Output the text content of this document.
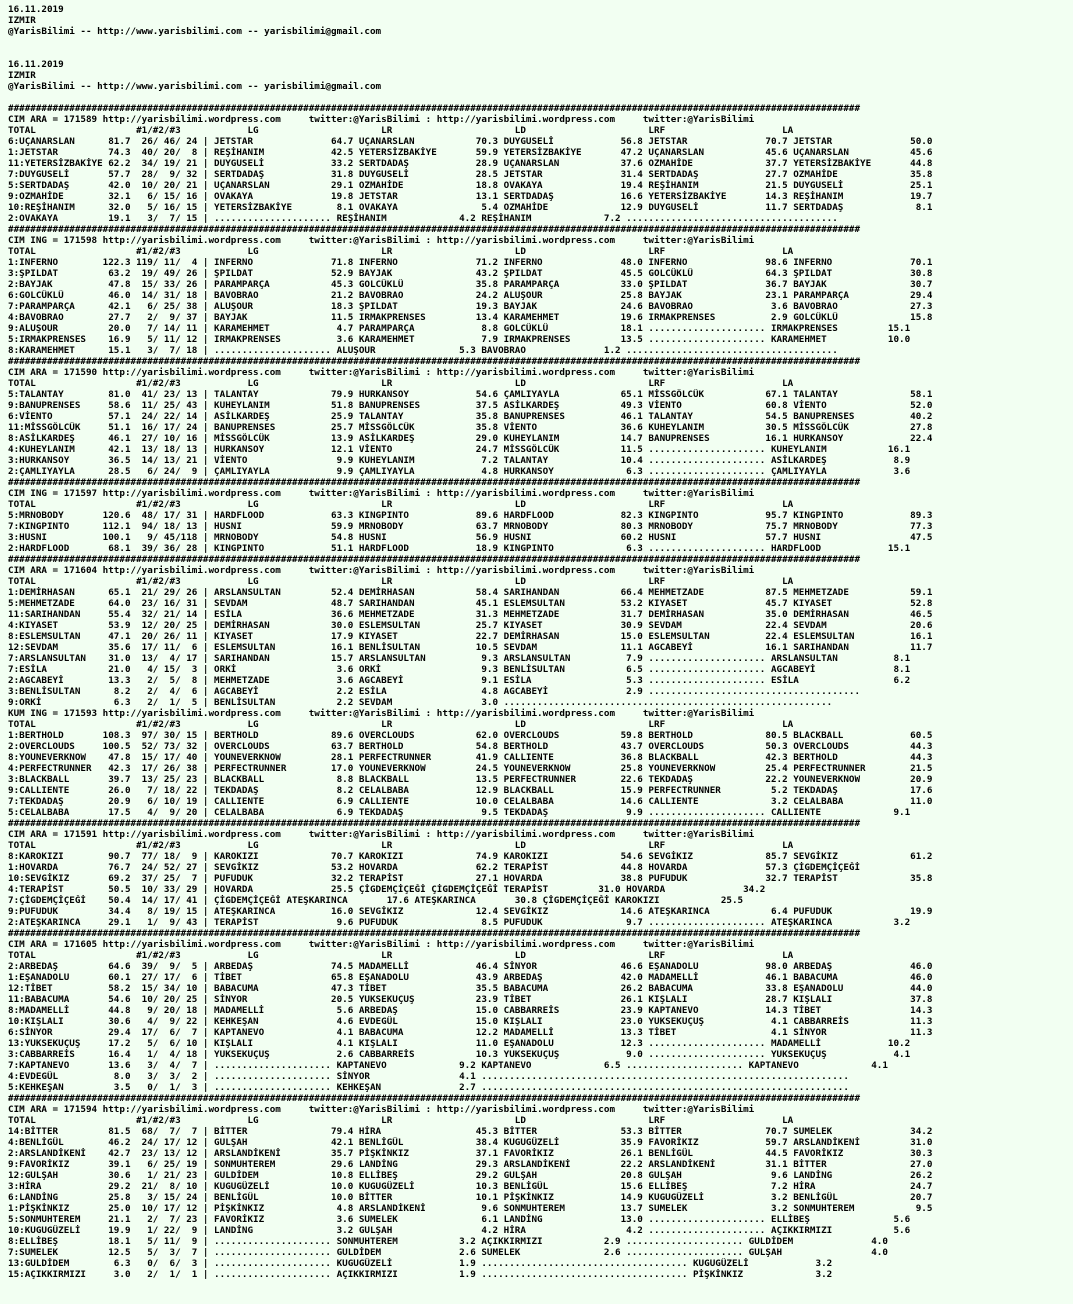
16.11.2019
IZMIR
@YarisBilimi -- http://www.yarisbilimi.com -- yarisbilimi@gmail.com

16.11.2019
IZMIR
@YarisBilimi -- http://www.yarisbilimi.com -- yarisbilimi@gmail.com

#########################################################################################################################################################
CIM ARA = 171589 http://yarisbilimi.wordpress.com     twitter:@YarisBilimi : http://yarisbilimi.wordpress.com     twitter:@YarisBilimi
TOTAL                  #1/#2/#3            LG                      LR                      LD                      LRF                     LA
6:UÇANARSLAN      81.7  26/ 46/ 24 | JETSTAR              64.7 UÇANARSLAN           70.3 DUYGUSELİ            56.8 JETSTAR              70.7 JETSTAR              50.0
1:JETSTAR         74.3  40/ 20/  8 | REŞİHANIM            42.5 YETERSİZBAKİYE       59.9 YETERSİZBAKİYE       47.2 UÇANARSLAN           45.6 UÇANARSLAN           45.6
11:YETERSİZBAKİYE 62.2  34/ 19/ 21 | DUYGUSELİ            33.2 SERTDADAŞ            28.9 UÇANARSLAN           37.6 OZMAHİDE             37.7 YETERSİZBAKİYE       44.8
7:DUYGUSELİ       57.7  28/  9/ 32 | SERTDADAŞ            31.8 DUYGUSELİ            28.5 JETSTAR              31.4 SERTDADAŞ            27.7 OZMAHİDE             35.8
5:SERTDADAŞ       42.0  10/ 20/ 21 | UÇANARSLAN           29.1 OZMAHİDE             18.8 OVAKAYA              19.4 REŞİHANIM            21.5 DUYGUSELİ            25.1
9:OZMAHİDE        32.1   6/ 15/ 16 | OVAKAYA              19.8 JETSTAR              13.1 SERTDADAŞ            16.6 YETERSİZBAKİYE       14.3 REŞİHANIM            19.7
10:REŞİHANIM      32.0   5/ 16/ 15 | YETERSİZBAKİYE        8.1 OVAKAYA               5.4 OZMAHİDE             12.9 DUYGUSELİ            11.7 SERTDADAŞ             8.1
2:OVAKAYA         19.1   3/  7/ 15 | ..................... REŞİHANIM             4.2 REŞİHANIM             7.2 ......................................
#########################################################################################################################################################
CIM ING = 171598 http://yarisbilimi.wordpress.com     twitter:@YarisBilimi : http://yarisbilimi.wordpress.com     twitter:@YarisBilimi
TOTAL                  #1/#2/#3            LG                      LR                      LD                      LRF                     LA
1:INFERNO        122.3 119/ 11/  4 | INFERNO              71.8 INFERNO              71.2 INFERNO              48.0 INFERNO              98.6 INFERNO              70.1
3:ŞPILDAT         63.2  19/ 49/ 26 | ŞPILDAT              52.9 BAYJAK               43.2 ŞPILDAT              45.5 GOLCÜKLÜ             64.3 ŞPILDAT              30.8
2:BAYJAK          47.8  15/ 33/ 26 | PARAMPARÇA           45.3 GOLCÜKLÜ             35.8 PARAMPARÇA           33.0 ŞPILDAT              36.7 BAYJAK               30.7
6:GOLCÜKLÜ        46.0  14/ 31/ 18 | BAVOBRAO             21.2 BAVOBRAO             24.2 ALUŞOUR              25.8 BAYJAK               23.1 PARAMPARÇA           29.4
7:PARAMPARÇA      42.1   6/ 25/ 38 | ALUŞOUR              18.3 ŞPILDAT              19.3 BAYJAK               24.6 BAVOBRAO              3.6 BAVOBRAO             27.3
4:BAVOBRAO        27.7   2/  9/ 37 | BAYJAK               11.5 IRMAKPRENSES         13.4 KARAMEHMET           19.6 IRMAKPRENSES          2.9 GOLCÜKLÜ             15.8
9:ALUŞOUR         20.0   7/ 14/ 11 | KARAMEHMET            4.7 PARAMPARÇA            8.8 GOLCÜKLÜ             18.1 ..................... IRMAKPRENSES         15.1
5:IRMAKPRENSES    16.9   5/ 11/ 12 | IRMAKPRENSES          3.6 KARAMEHMET            7.9 IRMAKPRENSES         13.5 ..................... KARAMEHMET           10.0
8:KARAMEHMET      15.1   3/  7/ 18 | ..................... ALUŞOUR               5.3 BAVOBRAO              1.2 ......................................
#########################################################################################################################################################
CIM ARA = 171590 http://yarisbilimi.wordpress.com     twitter:@YarisBilimi : http://yarisbilimi.wordpress.com     twitter:@YarisBilimi
TOTAL                  #1/#2/#3            LG                      LR                      LD                      LRF                     LA
5:TALANTAY        81.0  41/ 23/ 13 | TALANTAY             79.9 HURKANSOY            54.6 ÇAMLIYAYLA           65.1 MİSSGÖLCÜK           67.1 TALANTAY             58.1
9:BANUPRENSES     58.6  11/ 25/ 43 | KUHEYLANIM           51.8 BANUPRENSES          37.5 ASİLKARDEŞ           49.3 VİENTO               60.8 VİENTO               52.0
6:VİENTO          57.1  24/ 22/ 14 | ASİLKARDEŞ           25.9 TALANTAY             35.8 BANUPRENSES          46.1 TALANTAY             54.5 BANUPRENSES          40.2
11:MİSSGÖLCÜK     51.1  16/ 17/ 24 | BANUPRENSES          25.7 MİSSGÖLCÜK           35.8 VİENTO               36.6 KUHEYLANIM           30.5 MİSSGÖLCÜK           27.8
8:ASİLKARDEŞ      46.1  27/ 10/ 16 | MİSSGÖLCÜK           13.9 ASİLKARDEŞ           29.0 KUHEYLANIM           14.7 BANUPRENSES          16.1 HURKANSOY            22.4
4:KUHEYLANIM      42.1  13/ 18/ 13 | HURKANSOY            12.1 VİENTO               24.7 MİSSGÖLCÜK           11.5 ..................... KUHEYLANIM           16.1
3:HURKANSOY       36.5  14/ 13/ 21 | VİENTO                9.9 KUHEYLANIM            7.2 TALANTAY             10.4 ..................... ASİLKARDEŞ            8.9
2:ÇAMLIYAYLA      28.5   6/ 24/  9 | ÇAMLIYAYLA            9.9 ÇAMLIYAYLA            4.8 HURKANSOY             6.3 ..................... ÇAMLIYAYLA            3.6
#########################################################################################################################################################
CIM ING = 171597 http://yarisbilimi.wordpress.com     twitter:@YarisBilimi : http://yarisbilimi.wordpress.com     twitter:@YarisBilimi
TOTAL                  #1/#2/#3            LG                      LR                      LD                      LRF                     LA
5:MRNOBODY       120.6  48/ 17/ 31 | HARDFLOOD            63.3 KINGPINTO            89.6 HARDFLOOD            82.3 KINGPINTO            95.7 KINGPINTO            89.3
7:KINGPINTO      112.1  94/ 18/ 13 | HUSNI                59.9 MRNOBODY             63.7 MRNOBODY             80.3 MRNOBODY             75.7 MRNOBODY             77.3
3:HUSNI          100.1   9/ 45/118 | MRNOBODY             54.8 HUSNI                56.9 HUSNI                60.2 HUSNI                57.7 HUSNI                47.5
2:HARDFLOOD       68.1  39/ 36/ 28 | KINGPINTO            51.1 HARDFLOOD            18.9 KINGPINTO             6.3 ..................... HARDFLOOD            15.1
#########################################################################################################################################################
CIM ARA = 171604 http://yarisbilimi.wordpress.com     twitter:@YarisBilimi : http://yarisbilimi.wordpress.com     twitter:@YarisBilimi
TOTAL                  #1/#2/#3            LG                      LR                      LD                      LRF                     LA
1:DEMİRHASAN      65.1  21/ 29/ 26 | ARSLANSULTAN         52.4 DEMİRHASAN           58.4 SARIHANDAN           66.4 MEHMETZADE           87.5 MEHMETZADE           59.1
5:MEHMETZADE      64.0  23/ 16/ 31 | SEVDAM               48.7 SARIHANDAN           45.1 ESLEMSULTAN          53.2 KIYASET              45.7 KIYASET              52.8
11:SARIHANDAN     55.4  32/ 21/ 14 | ESİLA                36.6 MEHMETZADE           31.3 MEHMETZADE           31.7 DEMİRHASAN           35.0 DEMİRHASAN           46.5
4:KIYASET         53.9  12/ 20/ 25 | DEMİRHASAN           30.0 ESLEMSULTAN          25.7 KIYASET              30.9 SEVDAM               22.4 SEVDAM               20.6
8:ESLEMSULTAN     47.1  20/ 26/ 11 | KIYASET              17.9 KIYASET              22.7 DEMİRHASAN           15.0 ESLEMSULTAN          22.4 ESLEMSULTAN          16.1
12:SEVDAM         35.6  17/ 11/  6 | ESLEMSULTAN          16.1 BENLİSULTAN          10.5 SEVDAM               11.1 AGCABEYİ             16.1 SARIHANDAN           11.7
7:ARSLANSULTAN    31.0  13/  4/ 17 | SARIHANDAN           15.7 ARSLANSULTAN          9.3 ARSLANSULTAN          7.9 ..................... ARSLANSULTAN          8.1
7:ESİLA           21.0   4/ 15/  3 | ORKİ                  3.6 ORKİ                  9.3 BENLİSULTAN           6.5 ..................... AGCABEYİ              8.1
2:AGCABEYİ        13.3   2/  5/  8 | MEHMETZADE            3.6 AGCABEYİ              9.1 ESİLA                 5.3 ..................... ESİLA                 6.2
3:BENLİSULTAN      8.2   2/  4/  6 | AGCABEYİ              2.2 ESİLA                 4.8 AGCABEYİ              2.9 ......................................
9:ORKİ             6.3   2/  1/  5 | BENLİSULTAN           2.2 SEVDAM                3.0 ...........................................................
KUM ING = 171593 http://yarisbilimi.wordpress.com     twitter:@YarisBilimi : http://yarisbilimi.wordpress.com     twitter:@YarisBilimi
TOTAL                  #1/#2/#3            LG                      LR                      LD                      LRF                     LA
1:BERTHOLD       108.3  97/ 30/ 15 | BERTHOLD             89.6 OVERCLOUDS           62.0 OVERCLOUDS           59.8 BERTHOLD             80.5 BLACKBALL            60.5
2:OVERCLOUDS     100.5  52/ 73/ 32 | OVERCLOUDS           63.7 BERTHOLD             54.8 BERTHOLD             43.7 OVERCLOUDS           50.3 OVERCLOUDS           44.3
8:YOUNEVERKNOW    47.8  15/ 17/ 40 | YOUNEVERKNOW         28.1 PERFECTRUNNER        41.9 CALLIENTE            36.8 BLACKBALL            42.3 BERTHOLD             44.3
4:PERFECTRUNNER   42.3  17/ 26/ 38 | PERFECTRUNNER        17.0 YOUNEVERKNOW         24.5 YOUNEVERKNOW         25.8 YOUNEVERKNOW         25.4 PERFECTRUNNER        21.5
3:BLACKBALL       39.7  13/ 25/ 23 | BLACKBALL             8.8 BLACKBALL            13.5 PERFECTRUNNER        22.6 TEKDADAŞ             22.2 YOUNEVERKNOW         20.9
9:CALLIENTE       26.0   7/ 18/ 22 | TEKDADAŞ              8.2 CELALBABA            12.9 BLACKBALL            15.9 PERFECTRUNNER         5.2 TEKDADAŞ             17.6
7:TEKDADAŞ        20.9   6/ 10/ 19 | CALLIENTE             6.9 CALLIENTE            10.0 CELALBABA            14.6 CALLIENTE             3.2 CELALBABA            11.0
5:CELALBABA       17.5   4/  9/ 20 | CELALBABA             6.9 TEKDADAŞ              9.5 TEKDADAŞ              9.9 ..................... CALLIENTE             9.1
#########################################################################################################################################################
CIM ARA = 171591 http://yarisbilimi.wordpress.com     twitter:@YarisBilimi : http://yarisbilimi.wordpress.com     twitter:@YarisBilimi
TOTAL                  #1/#2/#3            LG                      LR                      LD                      LRF                     LA
8:KAROKIZI        90.7  77/ 18/  9 | KAROKIZI             70.7 KAROKIZI             74.9 KAROKIZI             54.6 SEVGİKIZ             85.7 SEVGİKIZ             61.2
1:HOVARDA         76.7  24/ 52/ 27 | SEVGİKIZ             53.2 HOVARDA              62.2 TERAPİST             44.8 HOVARDA              57.3 ÇİGDEMÇİÇEĞİ
10:SEVGİKIZ       69.2  37/ 25/  7 | PUFUDUK              32.2 TERAPİST             27.1 HOVARDA              38.8 PUFUDUK              32.7 TERAPİST             35.8
4:TERAPİST        50.5  10/ 33/ 29 | HOVARDA              25.5 ÇİGDEMÇİÇEĞİ ÇİGDEMÇİÇEĞİ TERAPİST         31.0 HOVARDA              34.2
7:ÇİGDEMÇİÇEĞİ    50.4  14/ 17/ 41 | ÇİGDEMÇİÇEĞİ ATEŞKARINCA       17.6 ATEŞKARINCA       30.8 ÇİGDEMÇİÇEĞİ KAROKIZI           25.5
9:PUFUDUK         34.4   8/ 19/ 15 | ATEŞKARINCA          16.0 SEVGİKIZ             12.4 SEVGİKIZ             14.6 ATEŞKARINCA           6.4 PUFUDUK              19.9
2:ATEŞKARINCA     29.1   1/  9/ 43 | TERAPİST              9.6 PUFUDUK               8.5 PUFUDUK               9.7 ..................... ATEŞKARINCA           3.2
#########################################################################################################################################################
CIM ARA = 171605 http://yarisbilimi.wordpress.com     twitter:@YarisBilimi : http://yarisbilimi.wordpress.com     twitter:@YarisBilimi
TOTAL                  #1/#2/#3            LG                      LR                      LD                      LRF                     LA
2:ARBEDAŞ         64.6  39/  9/  5 | ARBEDAŞ              74.5 MADAMELLİ            46.4 SİNYOR               46.6 EŞANADOLU            98.0 ARBEDAŞ              46.0
1:EŞANADOLU       60.1  27/ 17/  6 | TİBET                65.8 EŞANADOLU            43.9 ARBEDAŞ              42.0 MADAMELLİ            46.1 BABACUMA             46.0
12:TİBET          58.2  15/ 34/ 10 | BABACUMA             47.3 TİBET                35.5 BABACUMA             26.2 BABACUMA             33.8 EŞANADOLU            44.0
11:BABACUMA       54.6  10/ 20/ 25 | SİNYOR               20.5 YUKSEKUÇUŞ           23.9 TİBET                26.1 KIŞLALI              28.7 KIŞLALI              37.8
8:MADAMELLİ       44.8   9/ 20/ 18 | MADAMELLİ             5.6 ARBEDAŞ              15.0 CABBARREİS           23.9 KAPTANEVO            14.3 TİBET                14.3
10:KIŞLALI        30.6   4/  9/ 22 | KEHKEŞAN              4.6 EVDEGÜL              15.0 KIŞLALI              23.0 YUKSEKUÇUŞ            4.1 CABBARREİS           11.3
6:SİNYOR          29.4  17/  6/  7 | KAPTANEVO             4.1 BABACUMA             12.2 MADAMELLİ            13.3 TİBET                 4.1 SİNYOR               11.3
13:YUKSEKUÇUŞ     17.2   5/  6/ 10 | KIŞLALI               4.1 KIŞLALI              11.0 EŞANADOLU            12.3 ..................... MADAMELLİ            10.2
3:CABBARREİS      16.4   1/  4/ 18 | YUKSEKUÇUŞ            2.6 CABBARREİS           10.3 YUKSEKUÇUŞ            9.0 ..................... YUKSEKUÇUŞ            4.1
7:KAPTANEVO       13.6   3/  4/  7 | ..................... KAPTANEVO             9.2 KAPTANEVO             6.5 ..................... KAPTANEVO             4.1
4:EVDEGÜL          8.0   3/  3/  2 | ..................... SİNYOR                4.1 ..................................................................
5:KEHKEŞAN         3.5   0/  1/  3 | ..................... KEHKEŞAN              2.7 ..................................................................
#########################################################################################################################################################
CIM ARA = 171594 http://yarisbilimi.wordpress.com     twitter:@YarisBilimi : http://yarisbilimi.wordpress.com     twitter:@YarisBilimi
TOTAL                  #1/#2/#3            LG                      LR                      LD                      LRF                     LA
14:BİTTER         81.5  68/  7/  7 | BİTTER               79.4 HİRA                 45.3 BİTTER               53.3 BİTTER               70.7 SUMELEK              34.2
4:BENLİGÜL        46.2  24/ 17/ 12 | GULŞAH               42.1 BENLİGÜL             38.4 KUGUGÜZELİ           35.9 FAVORİKIZ            59.7 ARSLANDİKENİ         31.0
2:ARSLANDİKENİ    42.7  23/ 13/ 12 | ARSLANDİKENİ         35.7 PİŞKİNKIZ            37.1 FAVORİKIZ            26.1 BENLİGÜL             44.5 FAVORİKIZ            30.3
9:FAVORİKIZ       39.1   6/ 25/ 19 | SONMUHTEREM          29.6 LANDİNG              29.3 ARSLANDİKENİ         22.2 ARSLANDİKENİ         31.1 BİTTER               27.0
12:GULŞAH         30.6   1/ 21/ 23 | GULDİDEM             10.8 ELLİBEŞ              29.2 GULŞAH               20.8 GULŞAH                9.6 LANDİNG              26.2
3:HİRA            29.2  21/  8/ 10 | KUGUGÜZELİ           10.0 KUGUGÜZELİ           10.3 BENLİGÜL             15.6 ELLİBEŞ               7.2 HİRA                 24.7
6:LANDİNG         25.8   3/ 15/ 24 | BENLİGÜL             10.0 BİTTER               10.1 PİŞKİNKIZ            14.9 KUGUGÜZELİ            3.2 BENLİGÜL             20.7
1:PİŞKİNKIZ       25.0  10/ 17/ 12 | PİŞKİNKIZ             4.8 ARSLANDİKENİ          9.6 SONMUHTEREM          13.7 SUMELEK               3.2 SONMUHTEREM           9.5
5:SONMUHTEREM     21.1   2/  7/ 23 | FAVORİKIZ             3.6 SUMELEK               6.1 LANDİNG              13.0 ..................... ELLİBEŞ               5.6
10:KUGUGÜZELİ     19.9   1/ 22/  9 | LANDİNG               3.2 GULŞAH                4.2 HİRA                  4.2 ..................... AÇIKKIRMIZI           5.6
8:ELLİBEŞ         18.1   5/ 11/  9 | ..................... SONMUHTEREM           3.2 AÇIKKIRMIZI           2.9 ..................... GULDİDEM              4.0
7:SUMELEK         12.5   5/  3/  7 | ..................... GULDİDEM              2.6 SUMELEK               2.6 ..................... GULŞAH                4.0
13:GULDİDEM        6.3   0/  6/  3 | ..................... KUGUGÜZELİ            1.9 ..................................... KUGUGÜZELİ            3.2
15:AÇIKKIRMIZI     3.0   2/  1/  1 | ..................... AÇIKKIRMIZI           1.9 ..................................... PİŞKİNKIZ             3.2
